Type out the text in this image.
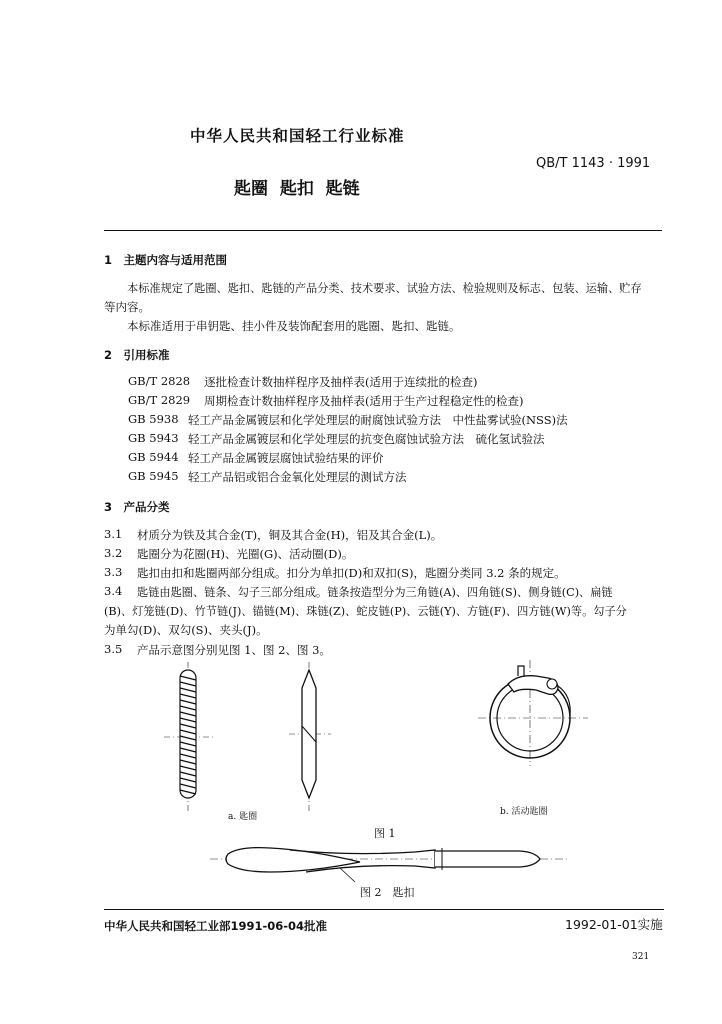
中华人民共和国轻工行业标准
QB/T 1143 · 1991
匙圈  匙扣  匙链
1　主题内容与适用范围
本标准规定了匙圈、匙扣、匙链的产品分类、技术要求、试验方法、检验规则及标志、包装、运输、贮存
等内容。
本标准适用于串钥匙、挂小件及装饰配套用的匙圈、匙扣、匙链。
2　引用标准
GB/T 2828 逐批检查计数抽样程序及抽样表(适用于连续批的检查)
GB/T 2829 周期检查计数抽样程序及抽样表(适用于生产过程稳定性的检查)
GB 5938 轻工产品金属镀层和化学处理层的耐腐蚀试验方法　中性盐雾试验(NSS)法
GB 5943 轻工产品金属镀层和化学处理层的抗变色腐蚀试验方法　硫化氢试验法
GB 5944 轻工产品金属镀层腐蚀试验结果的评价
GB 5945 轻工产品铝或铝合金氧化处理层的测试方法
3　产品分类
3.1 材质分为铁及其合金(T)，铜及其合金(H)，铝及其合金(L)。
3.2 匙圈分为花圈(H)、光圈(G)、活动圈(D)。
3.3 匙扣由扣和匙圈两部分组成。扣分为单扣(D)和双扣(S)，匙圈分类同 3.2 条的规定。
3.4 匙链由匙圈、链条、勾子三部分组成。链条按造型分为三角链(A)、四角链(S)、侧身链(C)、扁链
(B)、灯笼链(D)、竹节链(J)、锚链(M)、珠链(Z)、蛇皮链(P)、云链(Y)、方链(F)、四方链(W)等。勾子分
为单勾(D)、双勾(S)、夹头(J)。
3.5 产品示意图分别见图 1、图 2、图 3。
a. 匙圈	b. 活动匙圈
图 1
图 2　匙扣
中华人民共和国轻工业部1991-06-04批准	1992-01-01实施
321
